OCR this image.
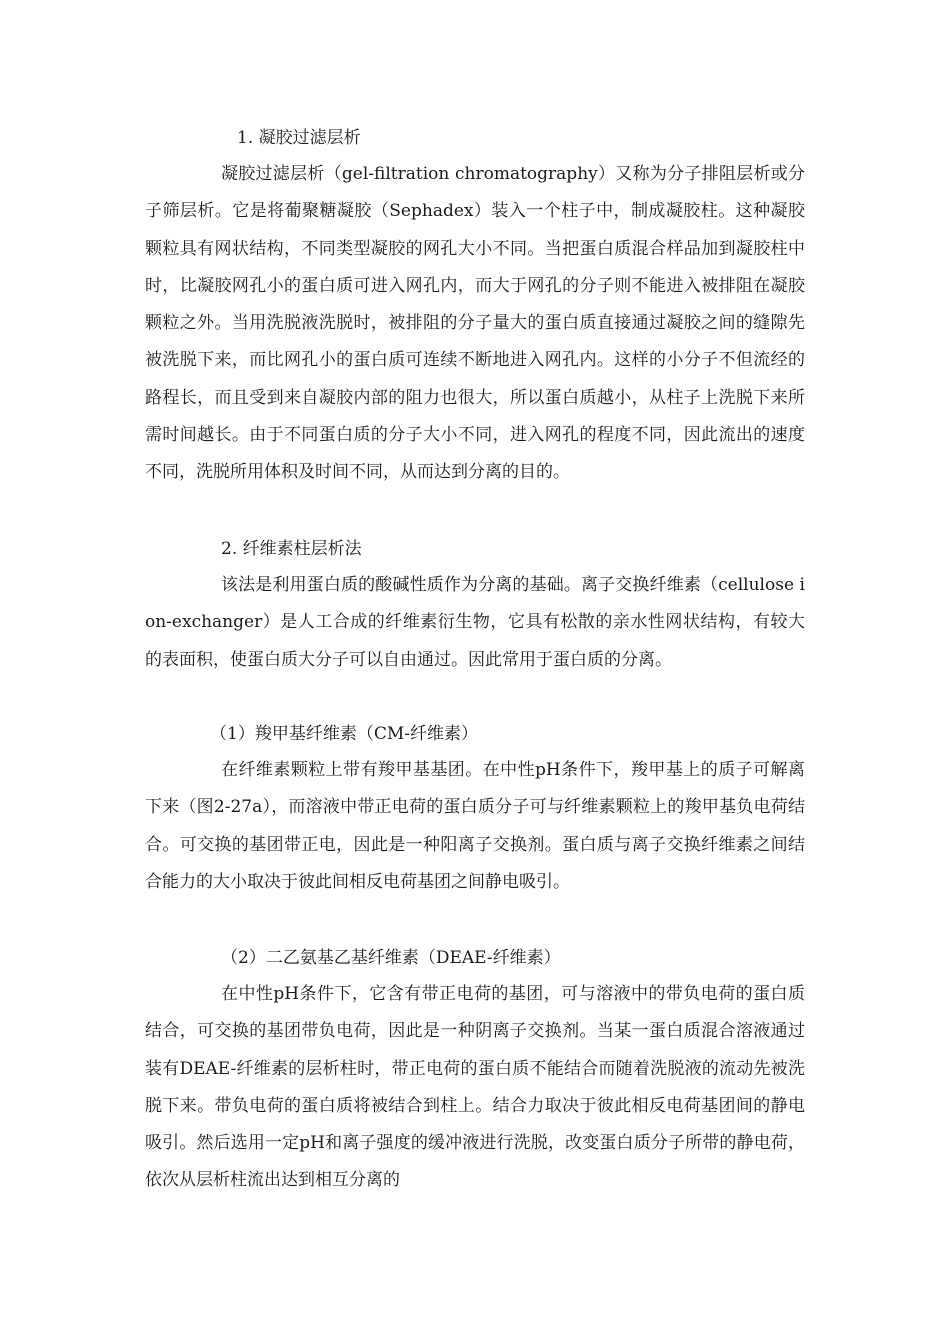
1. 凝胶过滤层析

凝胶过滤层析（gel-filtration chromatography）又称为分子排阻层析或分子筛层析。它是将葡聚糖凝胶（Sephadex）装入一个柱子中，制成凝胶柱。这种凝胶颗粒具有网状结构，不同类型凝胶的网孔大小不同。当把蛋白质混合样品加到凝胶柱中时，比凝胶网孔小的蛋白质可进入网孔内，而大于网孔的分子则不能进入被排阻在凝胶颗粒之外。当用洗脱液洗脱时，被排阻的分子量大的蛋白质直接通过凝胶之间的缝隙先被洗脱下来，而比网孔小的蛋白质可连续不断地进入网孔内。这样的小分子不但流经的路程长，而且受到来自凝胶内部的阻力也很大，所以蛋白质越小，从柱子上洗脱下来所需时间越长。由于不同蛋白质的分子大小不同，进入网孔的程度不同，因此流出的速度不同，洗脱所用体积及时间不同，从而达到分离的目的。

2. 纤维素柱层析法

该法是利用蛋白质的酸碱性质作为分离的基础。离子交换纤维素（cellulose ion-exchanger）是人工合成的纤维素衍生物，它具有松散的亲水性网状结构，有较大的表面积，使蛋白质大分子可以自由通过。因此常用于蛋白质的分离。

（1）羧甲基纤维素（CM-纤维素）

在纤维素颗粒上带有羧甲基基团。在中性pH条件下，羧甲基上的质子可解离下来（图2-27a），而溶液中带正电荷的蛋白质分子可与纤维素颗粒上的羧甲基负电荷结合。可交换的基团带正电，因此是一种阳离子交换剂。蛋白质与离子交换纤维素之间结合能力的大小取决于彼此间相反电荷基团之间静电吸引。

（2）二乙氨基乙基纤维素（DEAE-纤维素）

在中性pH条件下，它含有带正电荷的基团，可与溶液中的带负电荷的蛋白质结合，可交换的基团带负电荷，因此是一种阴离子交换剂。当某一蛋白质混合溶液通过装有DEAE-纤维素的层析柱时，带正电荷的蛋白质不能结合而随着洗脱液的流动先被洗脱下来。带负电荷的蛋白质将被结合到柱上。结合力取决于彼此相反电荷基团间的静电吸引。然后选用一定pH和离子强度的缓冲液进行洗脱，改变蛋白质分子所带的静电荷，依次从层析柱流出达到相互分离的
